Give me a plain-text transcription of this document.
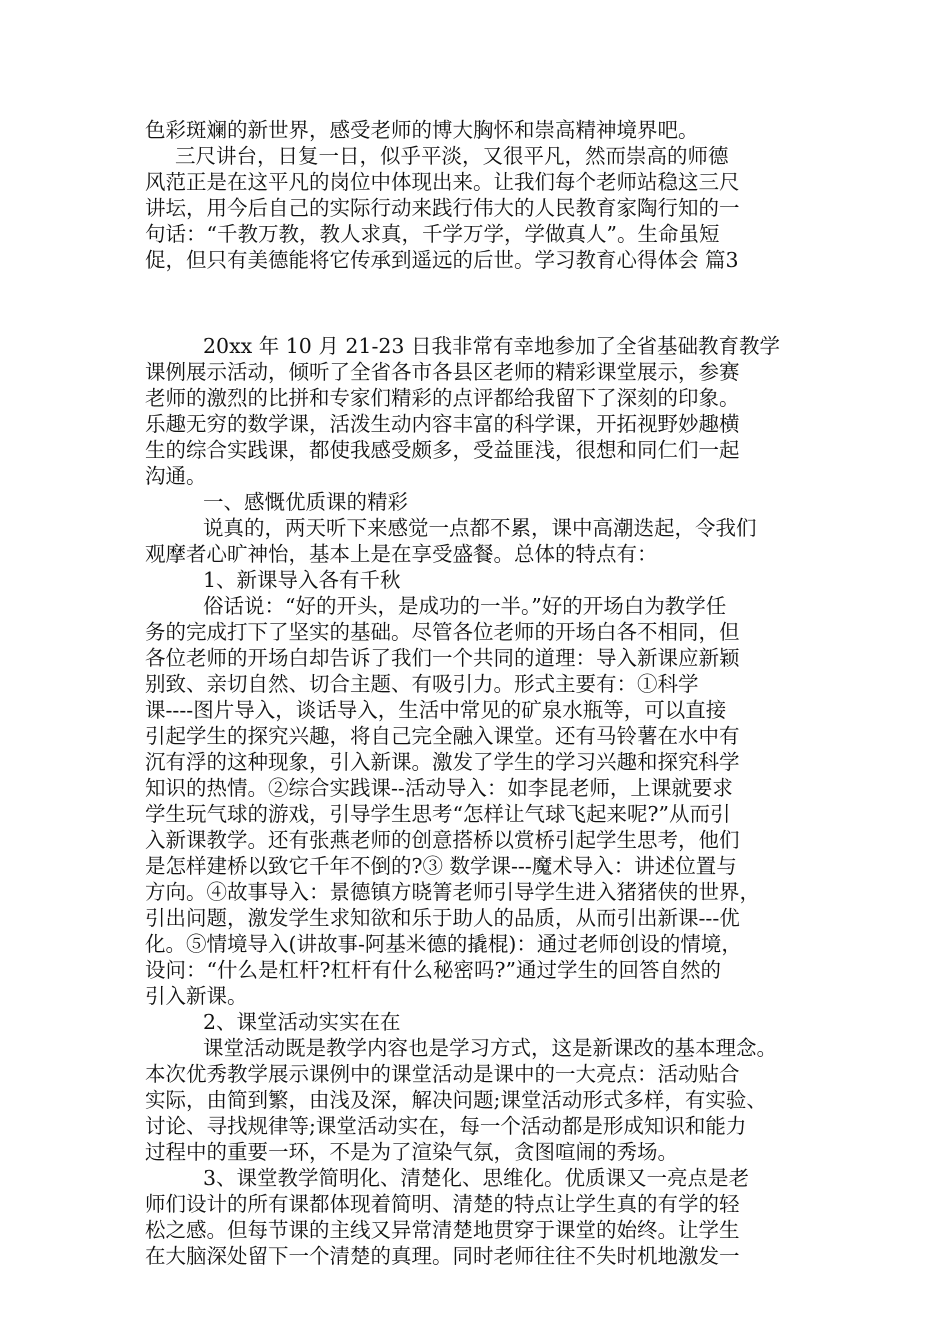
色彩斑斓的新世界，感受老师的博大胸怀和崇高精神境界吧。
三尺讲台，日复一日，似乎平淡，又很平凡，然而崇高的师德
风范正是在这平凡的岗位中体现出来。让我们每个老师站稳这三尺
讲坛，用今后自己的实际行动来践行伟大的人民教育家陶行知的一
句话：“千教万教，教人求真，千学万学，学做真人”。生命虽短
促，但只有美德能将它传承到遥远的后世。学习教育心得体会 篇3
20xx 年 10 月 21-23 日我非常有幸地参加了全省基础教育教学
课例展示活动，倾听了全省各市各县区老师的精彩课堂展示，参赛
老师的激烈的比拼和专家们精彩的点评都给我留下了深刻的印象。
乐趣无穷的数学课，活泼生动内容丰富的科学课，开拓视野妙趣横
生的综合实践课，都使我感受颇多，受益匪浅，很想和同仁们一起
沟通。
一、感慨优质课的精彩
说真的，两天听下来感觉一点都不累，课中高潮迭起，令我们
观摩者心旷神怡，基本上是在享受盛餐。总体的特点有：
1、新课导入各有千秋
俗话说：“好的开头，是成功的一半。”好的开场白为教学任
务的完成打下了坚实的基础。尽管各位老师的开场白各不相同，但
各位老师的开场白却告诉了我们一个共同的道理：导入新课应新颖
别致、亲切自然、切合主题、有吸引力。形式主要有：①科学
课----图片导入，谈话导入，生活中常见的矿泉水瓶等，可以直接
引起学生的探究兴趣，将自己完全融入课堂。还有马铃薯在水中有
沉有浮的这种现象，引入新课。激发了学生的学习兴趣和探究科学
知识的热情。②综合实践课--活动导入：如李昆老师，上课就要求
学生玩气球的游戏，引导学生思考“怎样让气球飞起来呢?”从而引
入新课教学。还有张燕老师的创意搭桥以赏桥引起学生思考，他们
是怎样建桥以致它千年不倒的?③ 数学课---魔术导入：讲述位置与
方向。④故事导入：景德镇方晓箐老师引导学生进入猪猪侠的世界，
引出问题，激发学生求知欲和乐于助人的品质，从而引出新课---优
化。⑤情境导入(讲故事-阿基米德的撬棍)：通过老师创设的情境，
设问：“什么是杠杆?杠杆有什么秘密吗?”通过学生的回答自然的
引入新课。
2、课堂活动实实在在
课堂活动既是教学内容也是学习方式，这是新课改的基本理念。
本次优秀教学展示课例中的课堂活动是课中的一大亮点：活动贴合
实际，由简到繁，由浅及深，解决问题;课堂活动形式多样，有实验、
讨论、寻找规律等;课堂活动实在，每一个活动都是形成知识和能力
过程中的重要一环，不是为了渲染气氛，贪图喧闹的秀场。
3、课堂教学简明化、清楚化、思维化。优质课又一亮点是老
师们设计的所有课都体现着简明、清楚的特点让学生真的有学的轻
松之感。但每节课的主线又异常清楚地贯穿于课堂的始终。让学生
在大脑深处留下一个清楚的真理。同时老师往往不失时机地激发一
